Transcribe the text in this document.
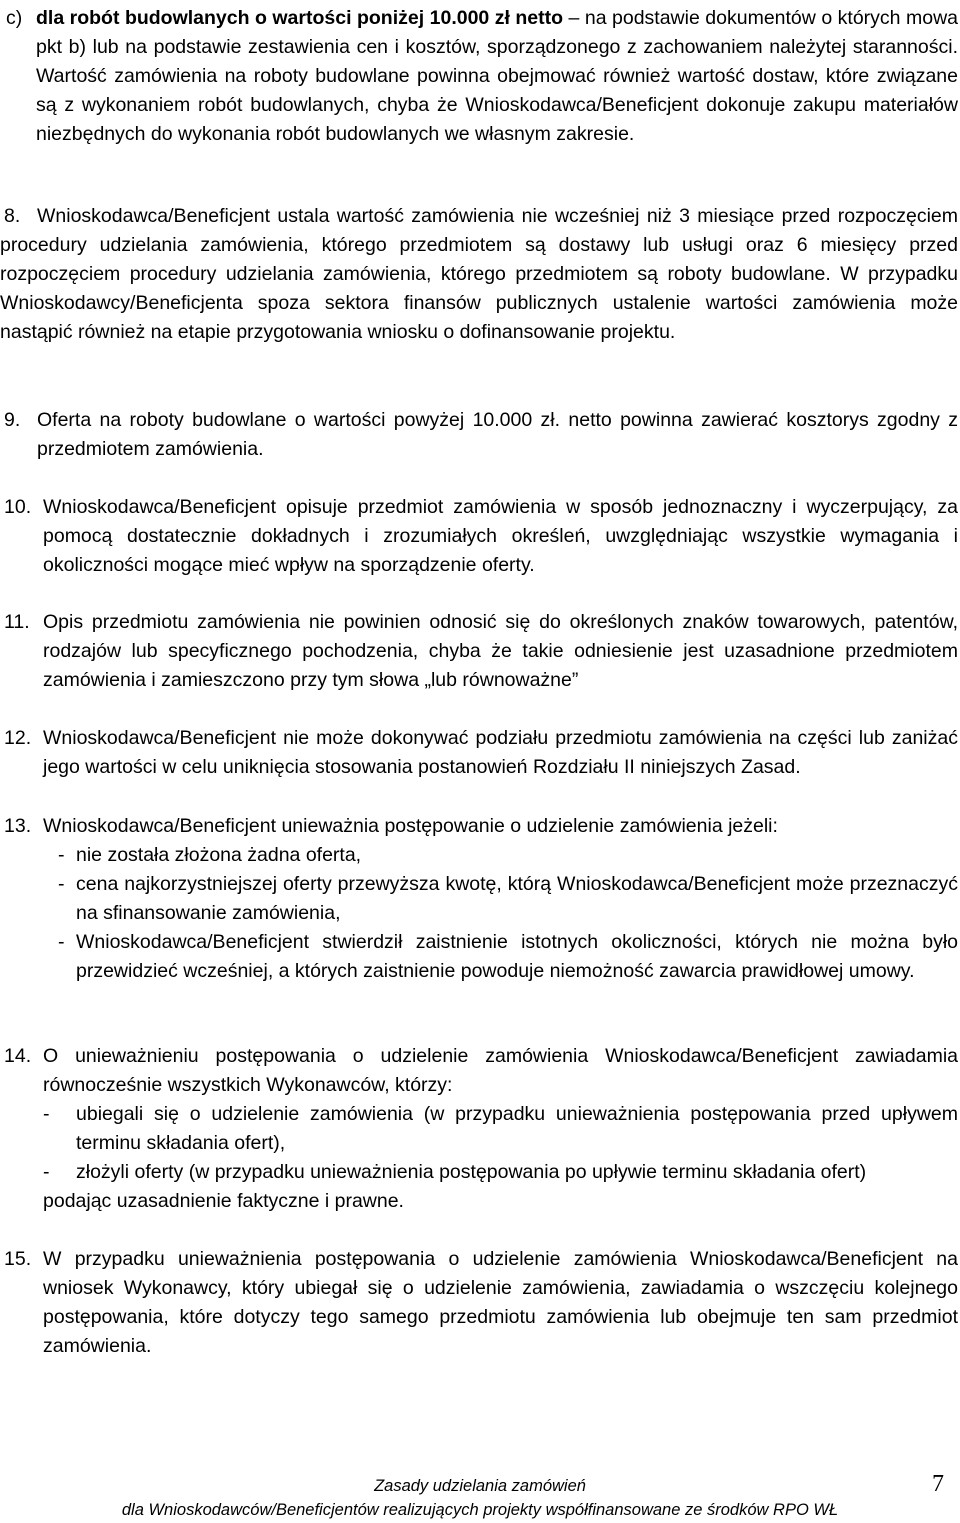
c) dla robót budowlanych o wartości poniżej 10.000 zł netto – na podstawie dokumentów o których mowa pkt b) lub na podstawie zestawienia cen i kosztów, sporządzonego z zachowaniem należytej staranności. Wartość zamówienia na roboty budowlane powinna obejmować również wartość dostaw, które związane są z wykonaniem robót budowlanych, chyba że Wnioskodawca/Beneficjent dokonuje zakupu materiałów niezbędnych do wykonania robót budowlanych we własnym zakresie.
8. Wnioskodawca/Beneficjent ustala wartość zamówienia nie wcześniej niż 3 miesiące przed rozpoczęciem procedury udzielania zamówienia, którego przedmiotem są dostawy lub usługi oraz 6 miesięcy przed rozpoczęciem procedury udzielania zamówienia, którego przedmiotem są roboty budowlane. W przypadku Wnioskodawcy/Beneficjenta spoza sektora finansów publicznych ustalenie wartości zamówienia może nastąpić również na etapie przygotowania wniosku o dofinansowanie projektu.
9. Oferta na roboty budowlane o wartości powyżej 10.000 zł. netto powinna zawierać kosztorys zgodny z przedmiotem zamówienia.
10. Wnioskodawca/Beneficjent opisuje przedmiot zamówienia w sposób jednoznaczny i wyczerpujący, za pomocą dostatecznie dokładnych i zrozumiałych określeń, uwzględniając wszystkie wymagania i okoliczności mogące mieć wpływ na sporządzenie oferty.
11. Opis przedmiotu zamówienia nie powinien odnosić się do określonych znaków towarowych, patentów, rodzajów lub specyficznego pochodzenia, chyba że takie odniesienie jest uzasadnione przedmiotem zamówienia i zamieszczono przy tym słowa „lub równoważne”
12. Wnioskodawca/Beneficjent nie może dokonywać podziału przedmiotu zamówienia na części lub zaniżać jego wartości w celu uniknięcia stosowania postanowień Rozdziału II niniejszych Zasad.
13. Wnioskodawca/Beneficjent unieważnia postępowanie o udzielenie zamówienia jeżeli:
- nie została złożona żadna oferta,
- cena najkorzystniejszej oferty przewyższa kwotę, którą Wnioskodawca/Beneficjent może przeznaczyć na sfinansowanie zamówienia,
- Wnioskodawca/Beneficjent stwierdził zaistnienie istotnych okoliczności, których nie można było przewidzieć wcześniej, a których zaistnienie powoduje niemożność zawarcia prawidłowej umowy.
14. O unieważnieniu postępowania o udzielenie zamówienia Wnioskodawca/Beneficjent zawiadamia równocześnie wszystkich Wykonawców, którzy:
- ubiegali się o udzielenie zamówienia (w przypadku unieważnienia postępowania przed upływem terminu składania ofert),
- złożyli oferty (w przypadku unieważnienia postępowania po upływie terminu składania ofert)
podając uzasadnienie faktyczne i prawne.
15. W przypadku unieważnienia postępowania o udzielenie zamówienia Wnioskodawca/Beneficjent na wniosek Wykonawcy, który ubiegał się o udzielenie zamówienia, zawiadamia o wszczęciu kolejnego postępowania, które dotyczy tego samego przedmiotu zamówienia lub obejmuje ten sam przedmiot zamówienia.
Zasady udzielania zamówień
dla Wnioskodawców/Beneficjentów realizujących projekty współfinansowane ze środków RPO WŁ
7
